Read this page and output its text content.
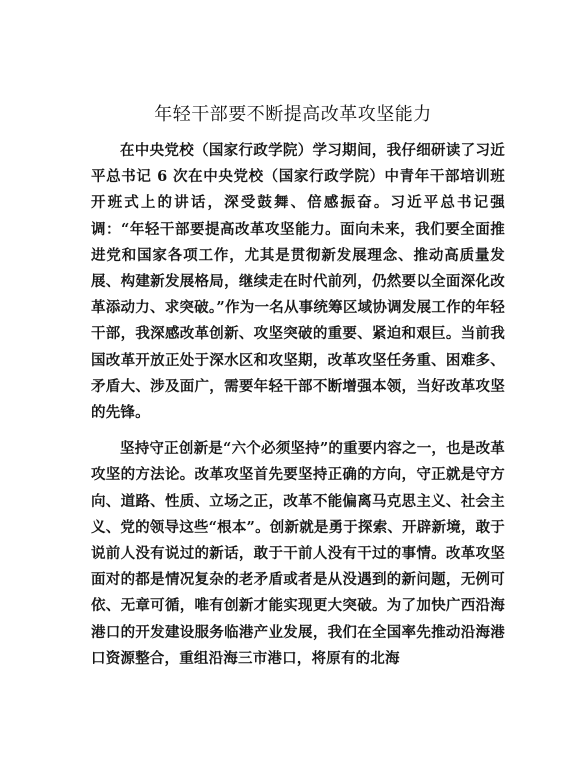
年轻干部要不断提高改革攻坚能力

在中央党校（国家行政学院）学习期间，我仔细研读了习近平总书记 6 次在中央党校（国家行政学院）中青年干部培训班开班式上的讲话，深受鼓舞、倍感振奋。习近平总书记强调：“年轻干部要提高改革攻坚能力。面向未来，我们要全面推进党和国家各项工作，尤其是贯彻新发展理念、推动高质量发展、构建新发展格局，继续走在时代前列，仍然要以全面深化改革添动力、求突破。”作为一名从事统筹区域协调发展工作的年轻干部，我深感改革创新、攻坚突破的重要、紧迫和艰巨。当前我国改革开放正处于深水区和攻坚期，改革攻坚任务重、困难多、矛盾大、涉及面广，需要年轻干部不断增强本领，当好改革攻坚的先锋。

坚持守正创新是“六个必须坚持”的重要内容之一，也是改革攻坚的方法论。改革攻坚首先要坚持正确的方向，守正就是守方向、道路、性质、立场之正，改革不能偏离马克思主义、社会主义、党的领导这些“根本”。创新就是勇于探索、开辟新境，敢于说前人没有说过的新话，敢于干前人没有干过的事情。改革攻坚面对的都是情况复杂的老矛盾或者是从没遇到的新问题，无例可依、无章可循，唯有创新才能实现更大突破。为了加快广西沿海港口的开发建设服务临港产业发展，我们在全国率先推动沿海港口资源整合，重组沿海三市港口，将原有的北海
